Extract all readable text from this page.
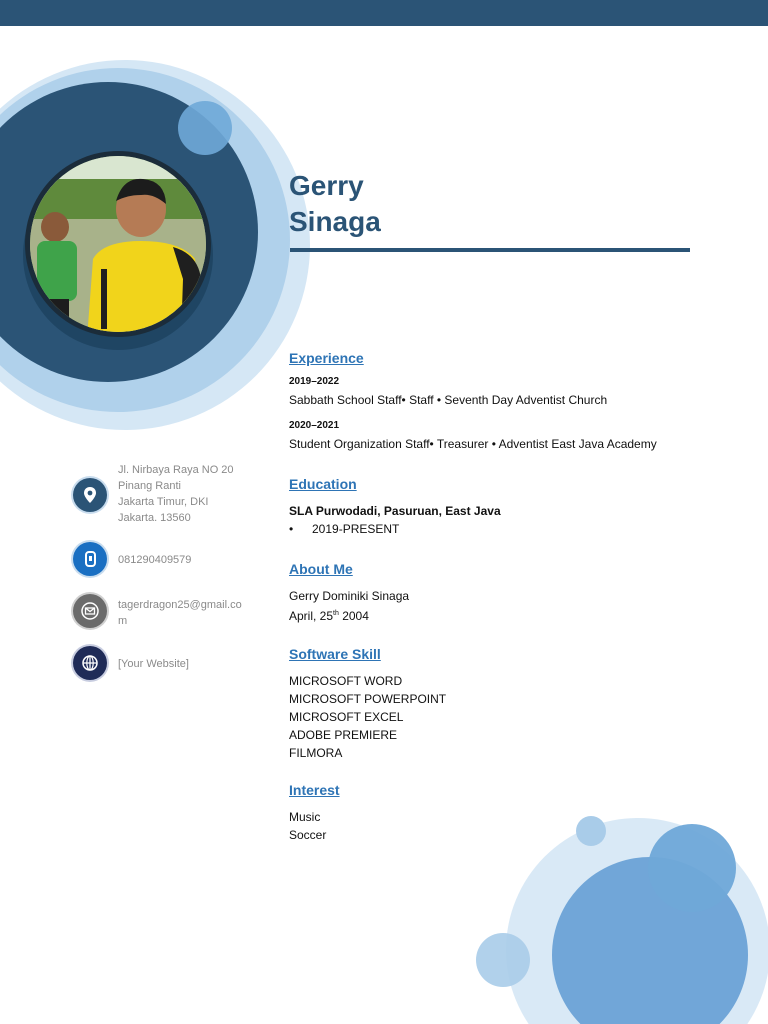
Gerry
Sinaga
Jl. Nirbaya Raya NO 20
Pinang Ranti
Jakarta Timur, DKI
Jakarta. 13560
081290409579
tagerdragon25@gmail.co
m
[Your Website]

Experience

2019–2022

Sabbath School Staff• Staff • Seventh Day Adventist Church

2020–2021

Student Organization Staff• Treasurer • Adventist East Java Academy

Education

SLA Purwodadi, Pasuruan, East Java

• 2019-PRESENT

About Me

Gerry Dominiki Sinaga

April, 25th 2004

Software Skill

MICROSOFT WORD

MICROSOFT POWERPOINT

MICROSOFT EXCEL

ADOBE PREMIERE

FILMORA

Interest

Music

Soccer
